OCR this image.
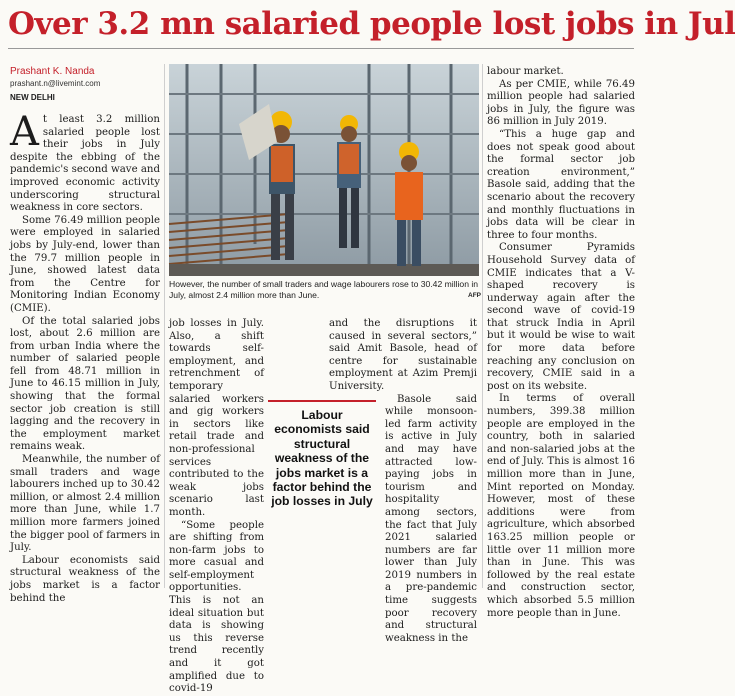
Over 3.2 mn salaried people lost jobs in Jul
Prashant K. Nanda
prashant.n@livemint.com
NEW DELHI

At least 3.2 million salaried people lost their jobs in July despite the ebbing of the pandemic's second wave and improved economic activity underscoring structural weakness in core sectors.

Some 76.49 million people were employed in salaried jobs by July-end, lower than the 79.7 million people in June, showed latest data from the Centre for Monitoring Indian Economy (CMIE).

Of the total salaried jobs lost, about 2.6 million are from urban India where the number of salaried people fell from 48.71 million in June to 46.15 million in July, showing that the formal sector job creation is still lagging and the recovery in the employment market remains weak.

Meanwhile, the number of small traders and wage labourers inched up to 30.42 million, or almost 2.4 million more than June, while 1.7 million more farmers joined the bigger pool of farmers in July.

Labour economists said structural weakness of the jobs market is a factor behind the

However, the number of small traders and wage labourers rose to 30.42 million in July, almost 2.4 million more than June.	AFP

job losses in July. Also, a shift towards self-employment, and retrenchment of temporary salaried workers and gig workers in sectors like retail trade and non-professional services contributed to the weak jobs scenario last month.

“Some people are shifting from non-farm jobs to more casual and self-employment opportunities. This is not an ideal situation but data is showing us this reverse trend recently and it got amplified due to covid-19

Labour economists said structural weakness of the jobs market is a factor behind the job losses in July

and the disruptions it caused in several sectors,” said Amit Basole, head of centre for sustainable employment at Azim Premji University.

Basole said while monsoon-led farm activity is active in July and may have attracted low-paying jobs in tourism and hospitality among sectors, the fact that July 2021 salaried numbers are far lower than July 2019 numbers in a pre-pandemic time suggests poor recovery and structural weakness in the

labour market.

As per CMIE, while 76.49 million people had salaried jobs in July, the figure was 86 million in July 2019.

“This a huge gap and does not speak good about the formal sector job creation environment,” Basole said, adding that the scenario about the recovery and monthly fluctuations in jobs data will be clear in three to four months.

Consumer Pyramids Household Survey data of CMIE indicates that a V-shaped recovery is underway again after the second wave of covid-19 that struck India in April but it would be wise to wait for more data before reaching any conclusion on recovery, CMIE said in a post on its website.

In terms of overall numbers, 399.38 million people are employed in the country, both in salaried and non-salaried jobs at the end of July. This is almost 16 million more than in June, Mint reported on Monday. However, most of these additions were from agriculture, which absorbed 163.25 million people or little over 11 million more than in June. This was followed by the real estate and construction sector, which absorbed 5.5 million more people than in June.
